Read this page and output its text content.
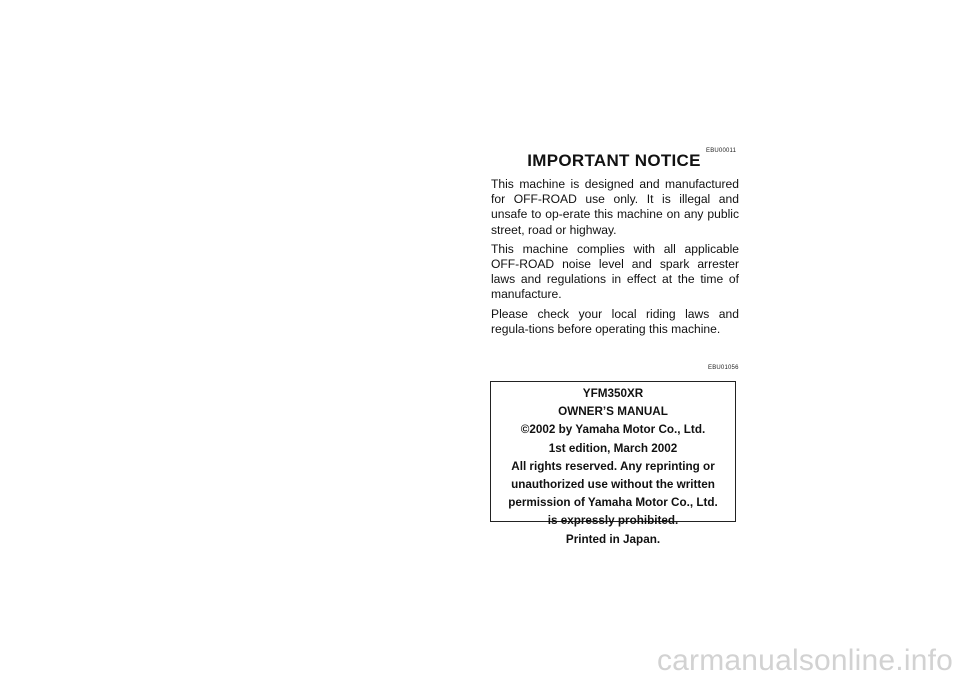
EBU00011
IMPORTANT NOTICE

This machine is designed and manufactured for OFF-ROAD use only. It is illegal and unsafe to op-erate this machine on any public street, road or highway.

This machine complies with all applicable OFF-ROAD noise level and spark arrester laws and regulations in effect at the time of manufacture.

Please check your local riding laws and regula-tions before operating this machine.

EBU01056
YFM350XR
OWNER’S MANUAL
©2002 by Yamaha Motor Co., Ltd.
1st edition, March 2002
All rights reserved. Any reprinting or
unauthorized use without the written
permission of Yamaha Motor Co., Ltd.
is expressly prohibited.
Printed in Japan.
carmanualsonline.info
